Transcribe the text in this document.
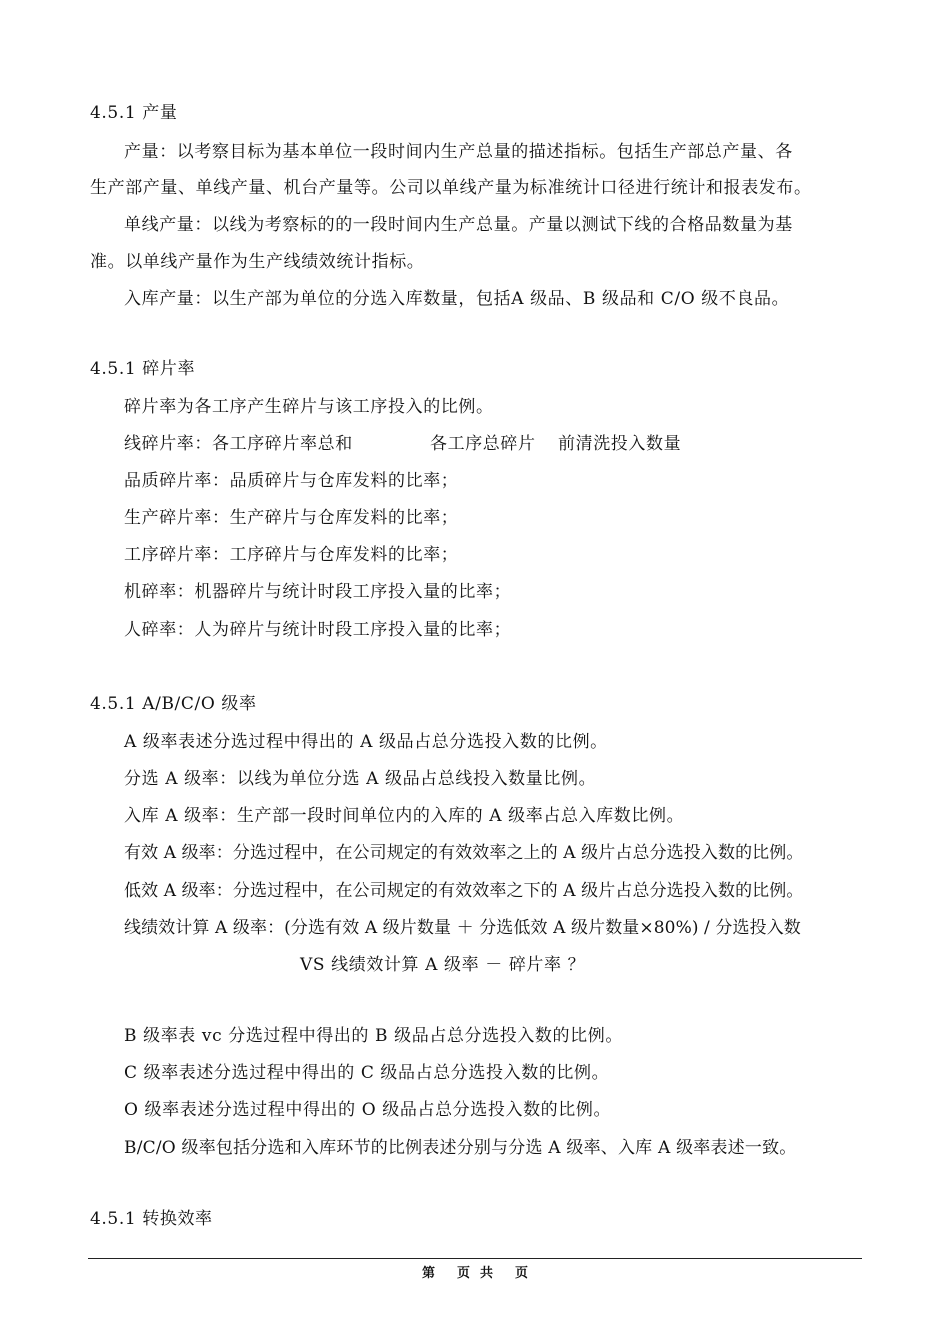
4.5.1 产量
产量：以考察目标为基本单位一段时间内生产总量的描述指标。包括生产部总产量、各
生产部产量、单线产量、机台产量等。公司以单线产量为标准统计口径进行统计和报表发布。
单线产量：以线为考察标的的一段时间内生产总量。产量以测试下线的合格品数量为基
准。以单线产量作为生产线绩效统计指标。
入库产量：以生产部为单位的分选入库数量，包括A 级品、B 级品和 C/O 级不良品。
4.5.1 碎片率
碎片率为各工序产生碎片与该工序投入的比例。
线碎片率：各工序碎片率总和	各工序总碎片 前清洗投入数量
品质碎片率：品质碎片与仓库发料的比率；
生产碎片率：生产碎片与仓库发料的比率；
工序碎片率：工序碎片与仓库发料的比率；
机碎率：机器碎片与统计时段工序投入量的比率；
人碎率：人为碎片与统计时段工序投入量的比率；
4.5.1 A/B/C/O 级率
A 级率表述分选过程中得出的 A 级品占总分选投入数的比例。
分选 A 级率：以线为单位分选 A 级品占总线投入数量比例。
入库 A 级率：生产部一段时间单位内的入库的 A 级率占总入库数比例。
有效 A 级率：分选过程中，在公司规定的有效效率之上的 A 级片占总分选投入数的比例。
低效 A 级率：分选过程中，在公司规定的有效效率之下的 A 级片占总分选投入数的比例。
线绩效计算 A 级率：(分选有效 A 级片数量 ＋ 分选低效 A 级片数量×80%) / 分选投入数
VS 线绩效计算 A 级率 － 碎片率 ？
B 级率表 vc 分选过程中得出的 B 级品占总分选投入数的比例。
C 级率表述分选过程中得出的 C 级品占总分选投入数的比例。
O 级率表述分选过程中得出的 O 级品占总分选投入数的比例。
B/C/O 级率包括分选和入库环节的比例表述分别与分选 A 级率、入库 A 级率表述一致。
4.5.1 转换效率
第 页 共 页
